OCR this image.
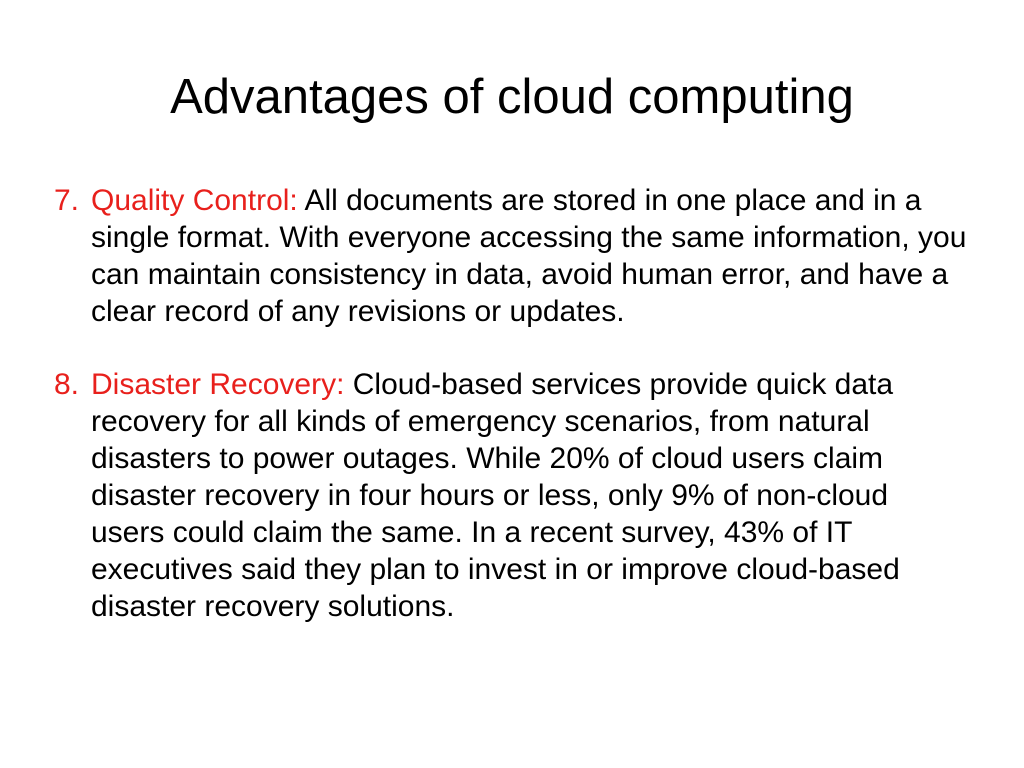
Advantages of cloud computing
7. Quality Control: All documents are stored in one place and in a single format. With everyone accessing the same information, you can maintain consistency in data, avoid human error, and have a clear record of any revisions or updates.
8. Disaster Recovery: Cloud-based services provide quick data recovery for all kinds of emergency scenarios, from natural disasters to power outages. While 20% of cloud users claim disaster recovery in four hours or less, only 9% of non-cloud users could claim the same. In a recent survey, 43% of IT executives said they plan to invest in or improve cloud-based disaster recovery solutions.
